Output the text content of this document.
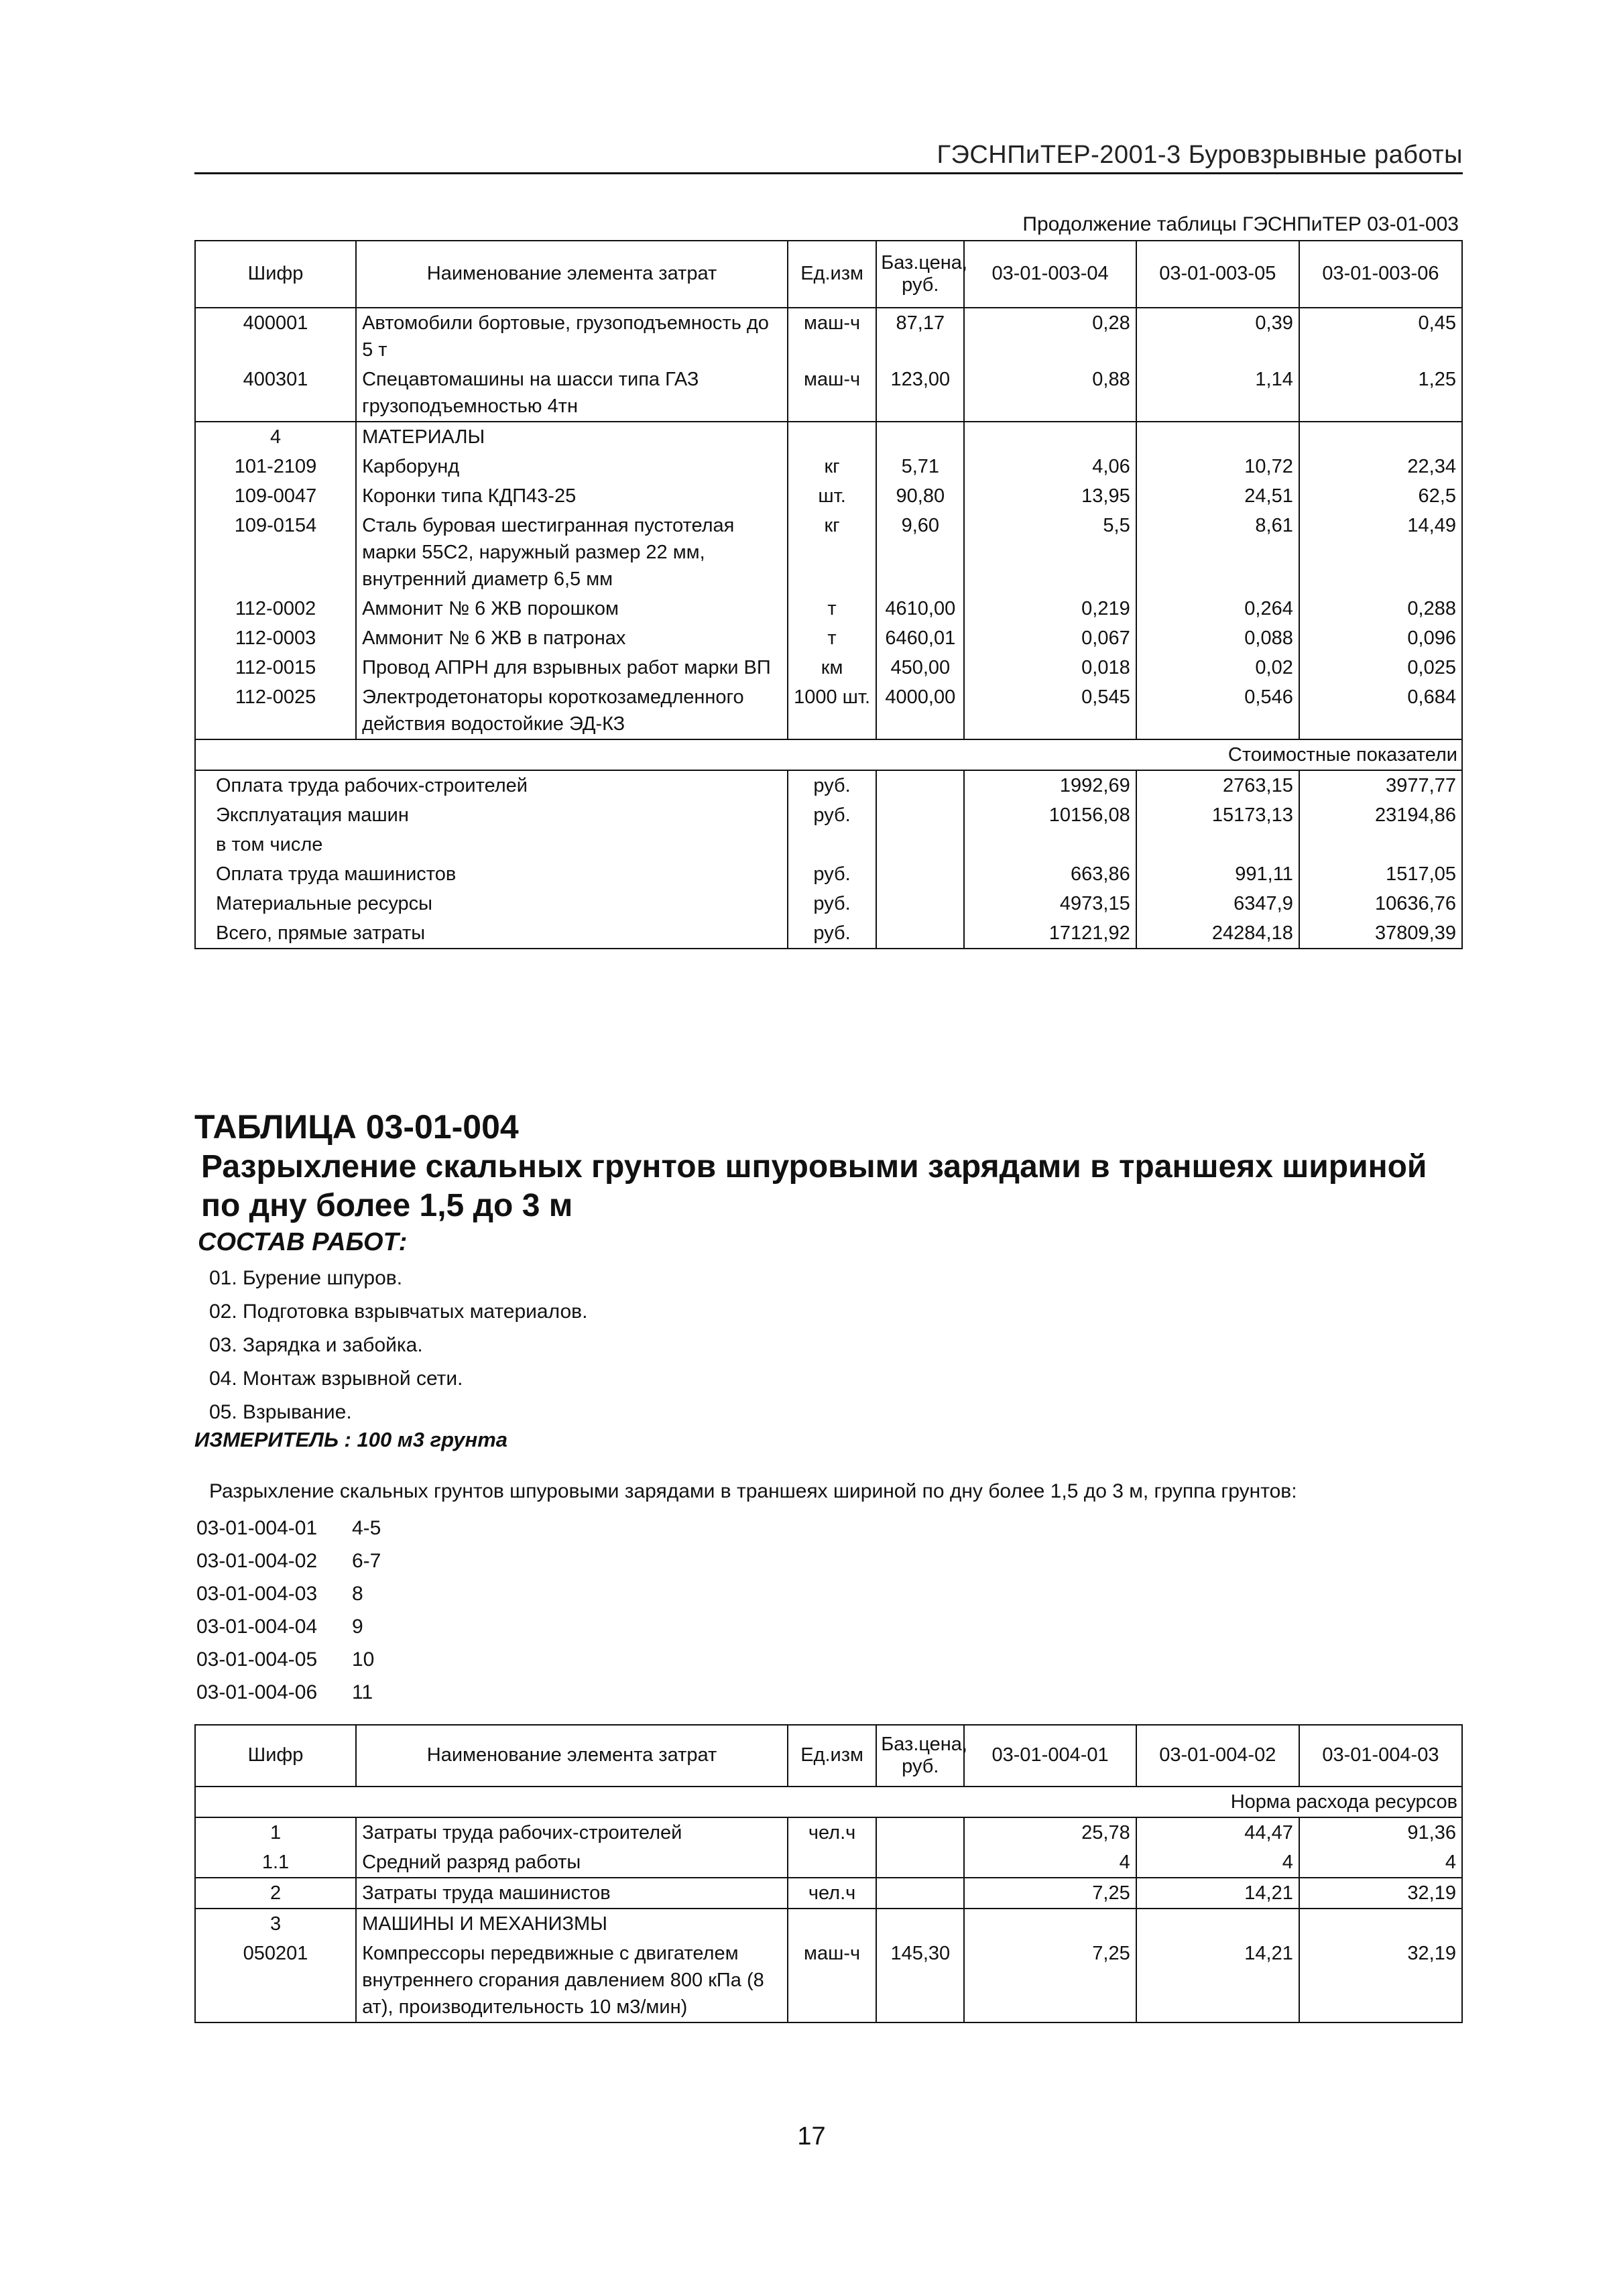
ГЭСНПиТЕР-2001-3 Буровзрывные работы
Продолжение таблицы ГЭСНПиТЕР 03-01-003
Шифр	Наименование элемента затрат	Ед.изм	Баз.цена, руб.	03-01-003-04	03-01-003-05	03-01-003-06
400001	Автомобили бортовые, грузоподъемность до 5 т	маш-ч	87,17	0,28	0,39	0,45
400301	Спецавтомашины на шасси типа ГАЗ грузоподъемностью 4тн	маш-ч	123,00	0,88	1,14	1,25
4	МАТЕРИАЛЫ					
101-2109	Карборунд	кг	5,71	4,06	10,72	22,34
109-0047	Коронки типа КДП43-25	шт.	90,80	13,95	24,51	62,5
109-0154	Сталь буровая шестигранная пустотелая марки 55С2, наружный размер 22 мм, внутренний диаметр 6,5 мм	кг	9,60	5,5	8,61	14,49
112-0002	Аммонит № 6 ЖВ порошком	т	4610,00	0,219	0,264	0,288
112-0003	Аммонит № 6 ЖВ в патронах	т	6460,01	0,067	0,088	0,096
112-0015	Провод АПРН для взрывных работ марки ВП	км	450,00	0,018	0,02	0,025
112-0025	Электродетонаторы короткозамедленного действия водостойкие ЭД-КЗ	1000 шт.	4000,00	0,545	0,546	0,684
Стоимостные показатели						
Оплата труда рабочих-строителей		руб.		1992,69	2763,15	3977,77
Эксплуатация машин		руб.		10156,08	15173,13	23194,86
в том числе						
Оплата труда машинистов		руб.		663,86	991,11	1517,05
Материальные ресурсы		руб.		4973,15	6347,9	10636,76
Всего, прямые затраты		руб.		17121,92	24284,18	37809,39
ТАБЛИЦА 03-01-004
Разрыхление скальных грунтов шпуровыми зарядами в траншеях шириной по дну более 1,5 до 3 м
СОСТАВ РАБОТ:
01. Бурение шпуров.
02. Подготовка взрывчатых материалов.
03. Зарядка и забойка.
04. Монтаж взрывной сети.
05. Взрывание.
ИЗМЕРИТЕЛЬ : 100 м3 грунта
Разрыхление скальных грунтов шпуровыми зарядами в траншеях шириной по дну более 1,5 до 3 м, группа грунтов:
03-01-004-01	4-5
03-01-004-02	6-7
03-01-004-03	8
03-01-004-04	9
03-01-004-05	10
03-01-004-06	11
Шифр	Наименование элемента затрат	Ед.изм	Баз.цена, руб.	03-01-004-01	03-01-004-02	03-01-004-03
Норма расхода ресурсов						
1	Затраты труда рабочих-строителей	чел.ч		25,78	44,47	91,36
1.1	Средний разряд работы			4	4	4
2	Затраты труда машинистов	чел.ч		7,25	14,21	32,19
3	МАШИНЫ И МЕХАНИЗМЫ					
050201	Компрессоры передвижные с двигателем внутреннего сгорания давлением 800 кПа (8 ат), производительность 10 м3/мин)	маш-ч	145,30	7,25	14,21	32,19
17
